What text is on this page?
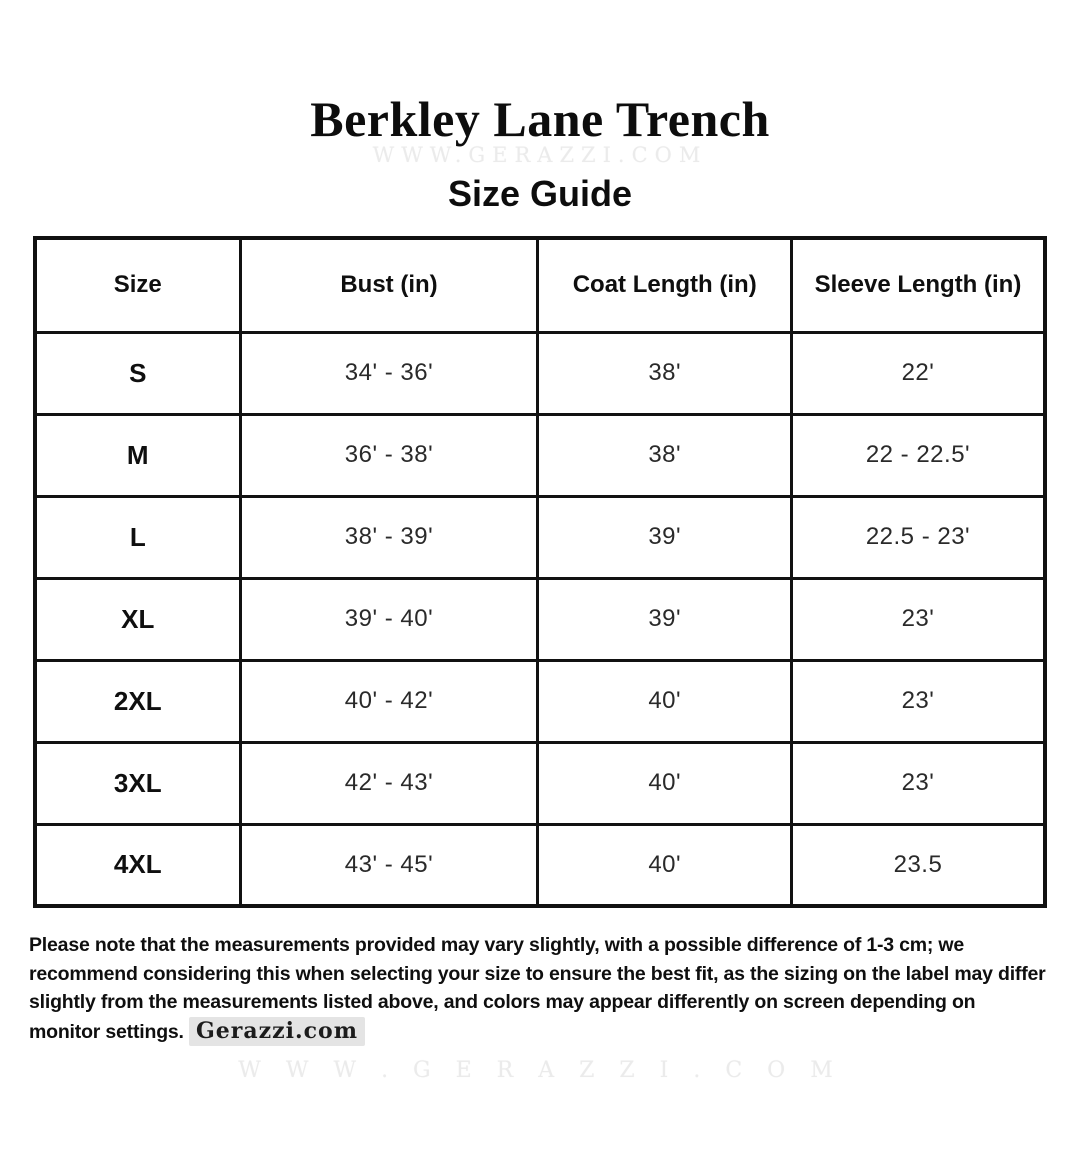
Berkley Lane Trench
WWW.GERAZZI.COM
Size Guide
Size	Bust (in)	Coat Length (in)	Sleeve Length (in)
S	34' - 36'	38'	22'
M	36' - 38'	38'	22 - 22.5'
L	38' - 39'	39'	22.5 - 23'
XL	39' - 40'	39'	23'
2XL	40' - 42'	40'	23'
3XL	42' - 43'	40'	23'
4XL	43' - 45'	40'	23.5

Please note that the measurements provided may vary slightly, with a possible difference of 1-3 cm; we recommend considering this when selecting your size to ensure the best fit, as the sizing on the label may differ slightly from the measurements listed above, and colors may appear differently on screen depending on monitor settings. Gerazzi.com

W W W . G E R A Z Z I . C O M
